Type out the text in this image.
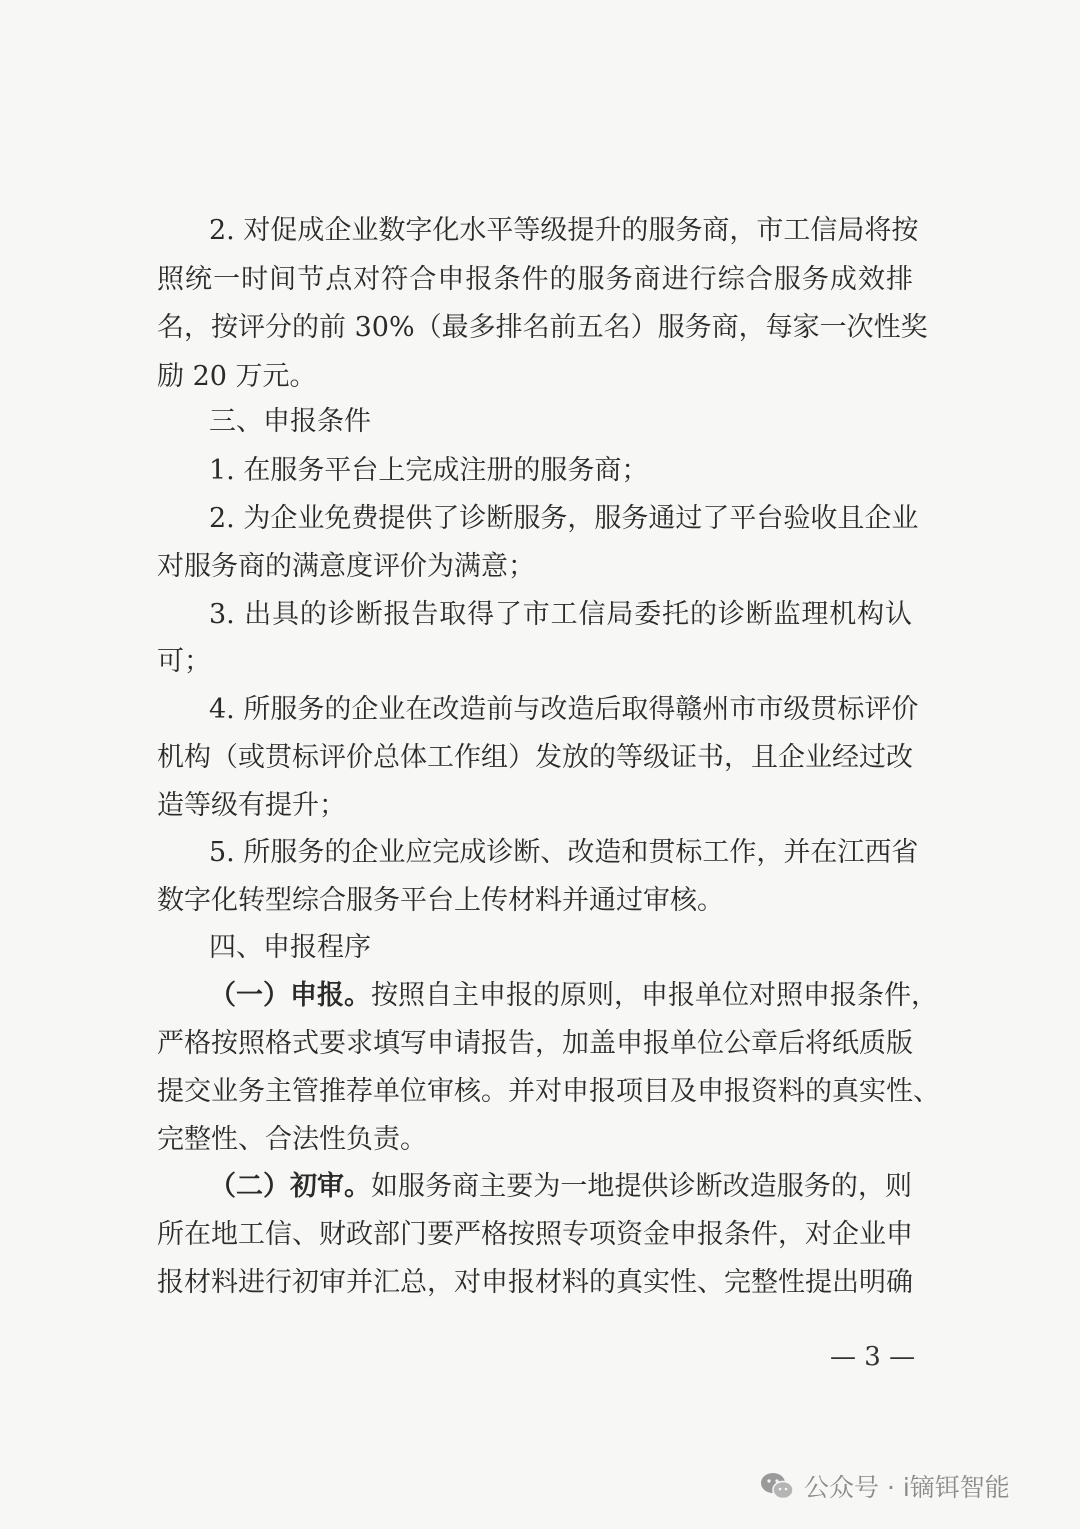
2. 对促成企业数字化水平等级提升的服务商，市工信局将按
照统一时间节点对符合申报条件的服务商进行综合服务成效排
名，按评分的前 30%（最多排名前五名）服务商，每家一次性奖
励 20 万元。
三、申报条件
1. 在服务平台上完成注册的服务商；
2. 为企业免费提供了诊断服务，服务通过了平台验收且企业
对服务商的满意度评价为满意；
3. 出具的诊断报告取得了市工信局委托的诊断监理机构认
可；
4. 所服务的企业在改造前与改造后取得赣州市市级贯标评价
机构（或贯标评价总体工作组）发放的等级证书，且企业经过改
造等级有提升；
5. 所服务的企业应完成诊断、改造和贯标工作，并在江西省
数字化转型综合服务平台上传材料并通过审核。
四、申报程序
（一）申报。 按照自主申报的原则，申报单位对照申报条件，
严格按照格式要求填写申请报告，加盖申报单位公章后将纸质版
提交业务主管推荐单位审核。并对申报项目及申报资料的真实性、
完整性、合法性负责。
（二）初审。 如服务商主要为一地提供诊断改造服务的，则
所在地工信、财政部门要严格按照专项资金申报条件，对企业申
报材料进行初审并汇总，对申报材料的真实性、完整性提出明确
— 3 —
公众号 · i镝铒智能
